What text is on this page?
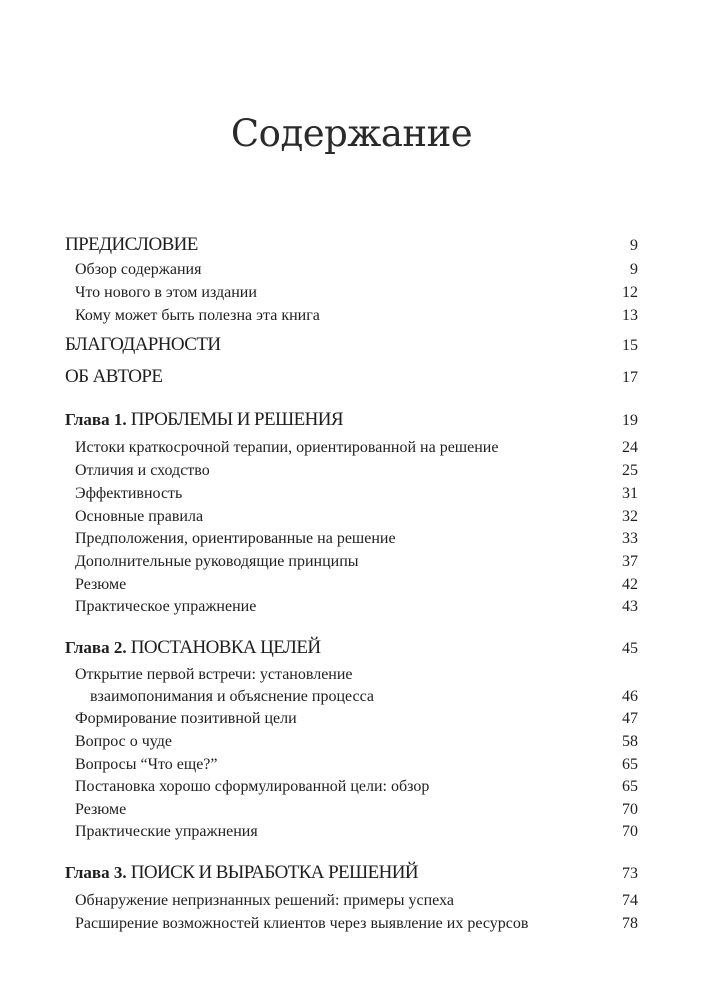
Содержание
ПРЕДИСЛОВИЕ	9
Обзор содержания	9
Что нового в этом издании	12
Кому может быть полезна эта книга	13
БЛАГОДАРНОСТИ	15
ОБ АВТОРЕ	17
Глава 1. ПРОБЛЕМЫ И РЕШЕНИЯ	19
Истоки краткосрочной терапии, ориентированной на решение	24
Отличия и сходство	25
Эффективность	31
Основные правила	32
Предположения, ориентированные на решение	33
Дополнительные руководящие принципы	37
Резюме	42
Практическое упражнение	43
Глава 2. ПОСТАНОВКА ЦЕЛЕЙ	45
Открытие первой встречи: установление
взаимопонимания и объяснение процесса	46
Формирование позитивной цели	47
Вопрос о чуде	58
Вопросы “Что еще?”	65
Постановка хорошо сформулированной цели: обзор	65
Резюме	70
Практические упражнения	70
Глава 3. ПОИСК И ВЫРАБОТКА РЕШЕНИЙ	73
Обнаружение непризнанных решений: примеры успеха	74
Расширение возможностей клиентов через выявление их ресурсов	78
